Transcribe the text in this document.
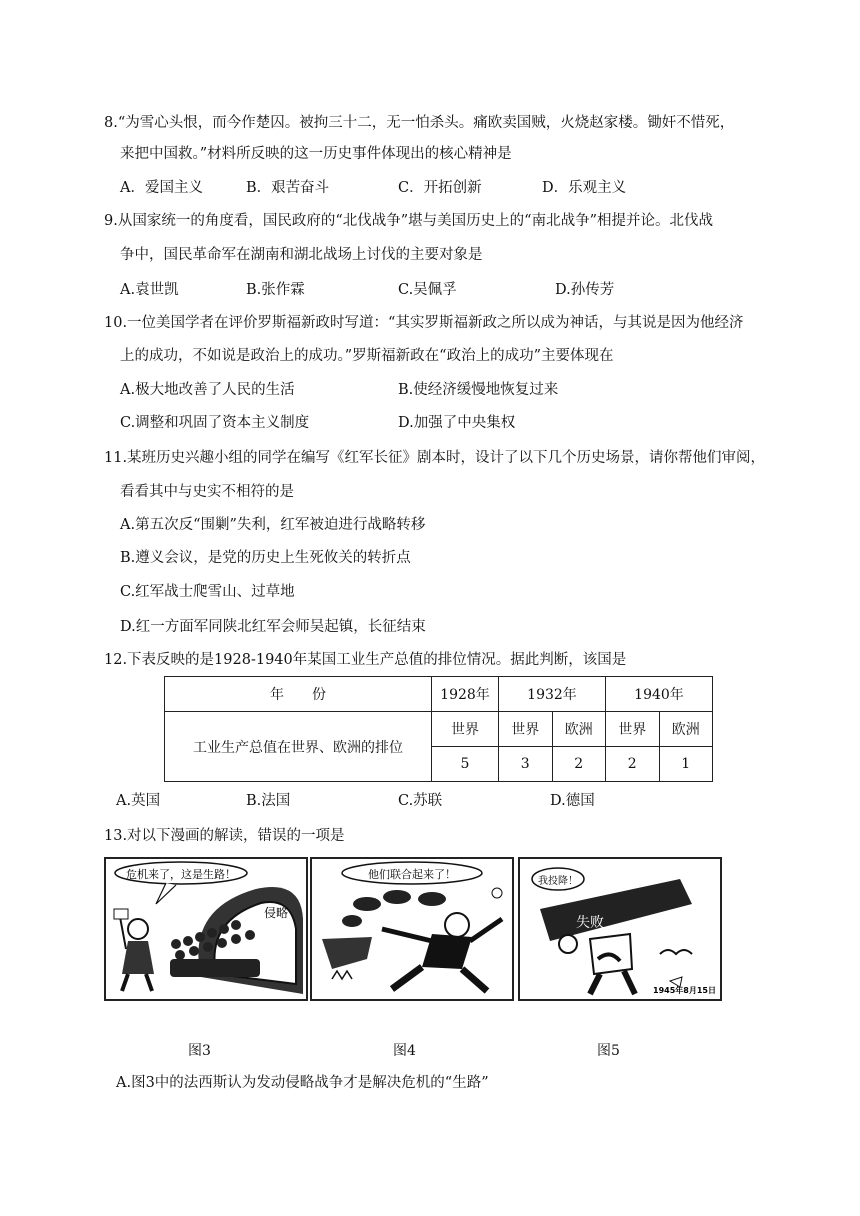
8.“为雪心头恨，而今作楚囚。被拘三十二，无一怕杀头。痛欧卖国贼，火烧赵家楼。锄奸不惜死，
来把中国救。”材料所反映的这一历史事件体现出的核心精神是
A．爱国主义	B．艰苦奋斗	C．开拓创新	D．乐观主义
9.从国家统一的角度看，国民政府的“北伐战争”堪与美国历史上的“南北战争”相提并论。北伐战
争中，国民革命军在湖南和湖北战场上讨伐的主要对象是
A.袁世凯	B.张作霖	C.吴佩孚	D.孙传芳
10.一位美国学者在评价罗斯福新政时写道：“其实罗斯福新政之所以成为神话，与其说是因为他经济
上的成功，不如说是政治上的成功。”罗斯福新政在“政治上的成功”主要体现在
A.极大地改善了人民的生活	B.使经济缓慢地恢复过来
C.调整和巩固了资本主义制度	D.加强了中央集权
11.某班历史兴趣小组的同学在编写《红军长征》剧本时，设计了以下几个历史场景，请你帮他们审阅，
看看其中与史实不相符的是
A.第五次反“围剿”失利，红军被迫进行战略转移
B.遵义会议，是党的历史上生死攸关的转折点
C.红军战士爬雪山、过草地
D.红一方面军同陕北红军会师吴起镇，长征结束
12.下表反映的是1928-1940年某国工业生产总值的排位情况。据此判断，该国是
年　　份	1928年	1932年		1940年	
工业生产总值在世界、欧洲的排位	世界	世界	欧洲	世界	欧洲
	5	3	2	2	1
A.英国	B.法国	C.苏联	D.德国
13.对以下漫画的解读，错误的一项是
危机来了，这是生路！
侵略
图3
他们联合起来了！
图4
我投降！
失败
1945年8月15日
图5
A.图3中的法西斯认为发动侵略战争才是解决危机的“生路”
